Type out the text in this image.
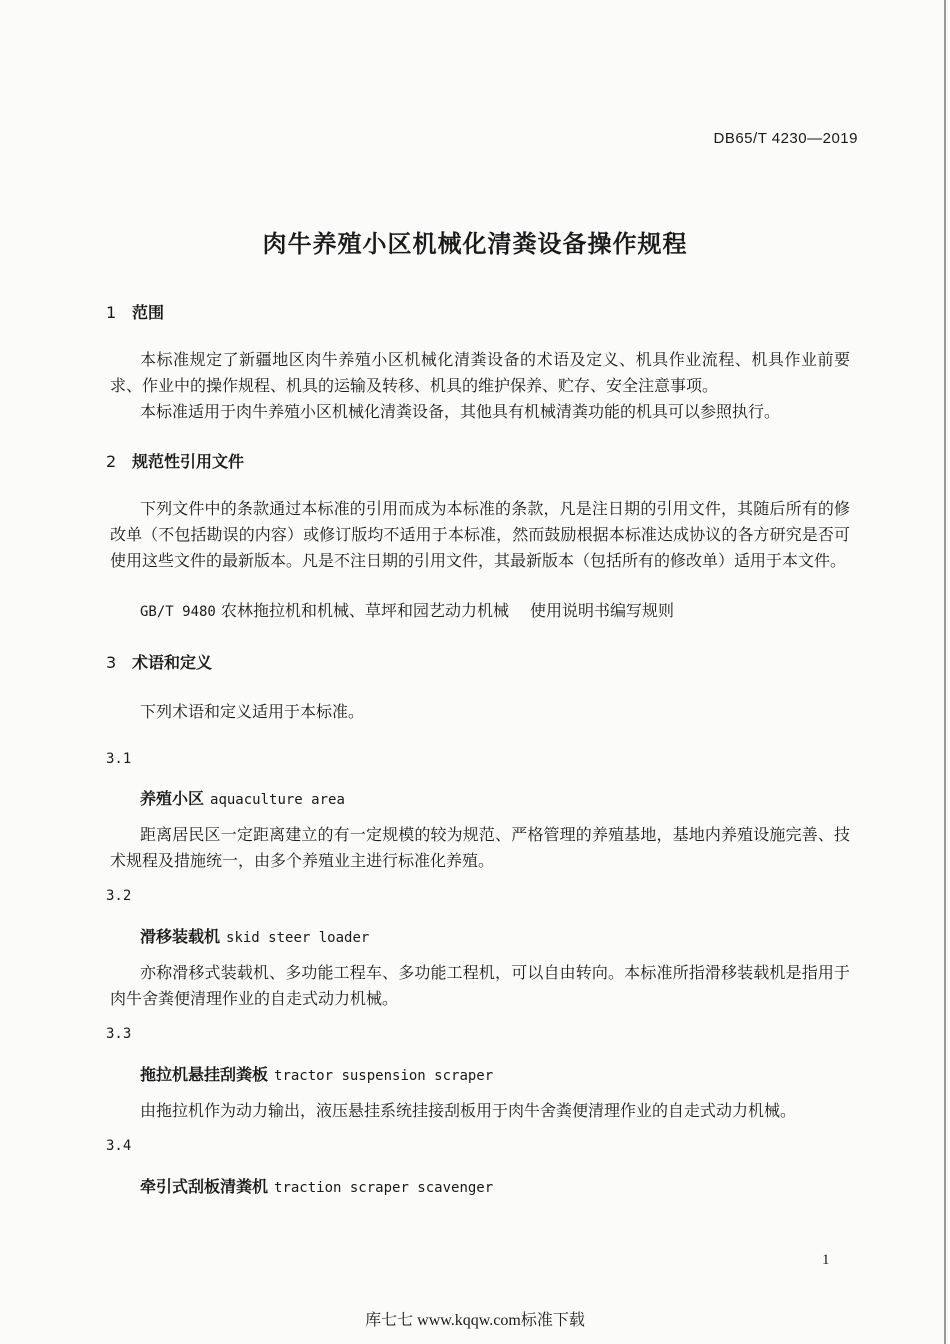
DB65/T 4230—2019
肉牛养殖小区机械化清粪设备操作规程
1 范围
本标准规定了新疆地区肉牛养殖小区机械化清粪设备的术语及定义、机具作业流程、机具作业前要求、作业中的操作规程、机具的运输及转移、机具的维护保养、贮存、安全注意事项。
本标准适用于肉牛养殖小区机械化清粪设备，其他具有机械清粪功能的机具可以参照执行。
2 规范性引用文件
下列文件中的条款通过本标准的引用而成为本标准的条款，凡是注日期的引用文件，其随后所有的修改单（不包括勘误的内容）或修订版均不适用于本标准，然而鼓励根据本标准达成协议的各方研究是否可使用这些文件的最新版本。凡是不注日期的引用文件，其最新版本（包括所有的修改单）适用于本文件。
GB/T 9480 农林拖拉机和机械、草坪和园艺动力机械　 使用说明书编写规则
3 术语和定义
下列术语和定义适用于本标准。
3.1
养殖小区 aquaculture area
距离居民区一定距离建立的有一定规模的较为规范、严格管理的养殖基地，基地内养殖设施完善、技术规程及措施统一，由多个养殖业主进行标准化养殖。
3.2
滑移装载机 skid steer loader
亦称滑移式装载机、多功能工程车、多功能工程机，可以自由转向。本标准所指滑移装载机是指用于肉牛舍粪便清理作业的自走式动力机械。
3.3
拖拉机悬挂刮粪板 tractor suspension scraper
由拖拉机作为动力输出，液压悬挂系统挂接刮板用于肉牛舍粪便清理作业的自走式动力机械。
3.4
牵引式刮板清粪机 traction scraper scavenger
1
库七七 www.kqqw.com标准下载
